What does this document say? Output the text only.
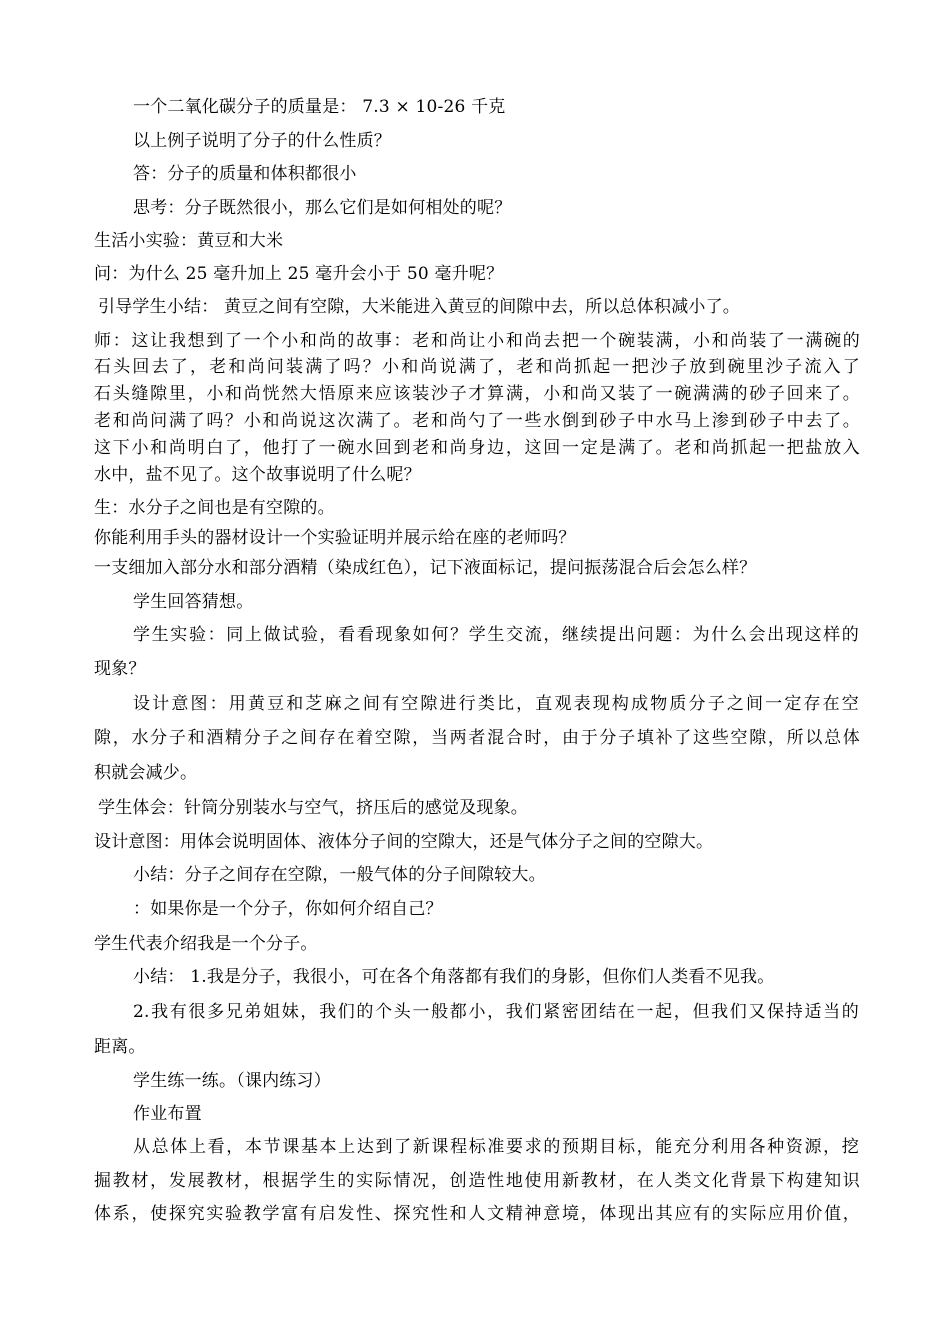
一个二氧化碳分子的质量是： 7.3 × 10-26 千克
以上例子说明了分子的什么性质？
答：分子的质量和体积都很小
思考：分子既然很小，那么它们是如何相处的呢？
生活小实验：黄豆和大米
问：为什么 25 毫升加上 25 毫升会小于 50 毫升呢？
引导学生小结： 黄豆之间有空隙，大米能进入黄豆的间隙中去，所以总体积减小了。
师：这让我想到了一个小和尚的故事：老和尚让小和尚去把一个碗装满，小和尚装了一满碗的
石头回去了，老和尚问装满了吗？小和尚说满了，老和尚抓起一把沙子放到碗里沙子流入了
石头缝隙里，小和尚恍然大悟原来应该装沙子才算满，小和尚又装了一碗满满的砂子回来了。
老和尚问满了吗？小和尚说这次满了。老和尚勺了一些水倒到砂子中水马上渗到砂子中去了。
这下小和尚明白了，他打了一碗水回到老和尚身边，这回一定是满了。老和尚抓起一把盐放入
水中，盐不见了。这个故事说明了什么呢？
生：水分子之间也是有空隙的。
你能利用手头的器材设计一个实验证明并展示给在座的老师吗？
一支细加入部分水和部分酒精（染成红色），记下液面标记，提问振荡混合后会怎么样？
学生回答猜想。
学生实验：同上做试验，看看现象如何？学生交流，继续提出问题：为什么会出现这样的
现象？
设计意图：用黄豆和芝麻之间有空隙进行类比，直观表现构成物质分子之间一定存在空
隙，水分子和酒精分子之间存在着空隙，当两者混合时，由于分子填补了这些空隙，所以总体
积就会减少。
学生体会：针筒分别装水与空气，挤压后的感觉及现象。
设计意图：用体会说明固体、液体分子间的空隙大，还是气体分子之间的空隙大。
小结：分子之间存在空隙，一般气体的分子间隙较大。
：如果你是一个分子，你如何介绍自己？
学生代表介绍我是一个分子。
小结： 1.我是分子，我很小，可在各个角落都有我们的身影，但你们人类看不见我。
2.我有很多兄弟姐妹，我们的个头一般都小，我们紧密团结在一起，但我们又保持适当的
距离。
学生练一练。（课内练习）
作业布置
从总体上看，本节课基本上达到了新课程标准要求的预期目标，能充分利用各种资源，挖
掘教材，发展教材，根据学生的实际情况，创造性地使用新教材，在人类文化背景下构建知识
体系，使探究实验教学富有启发性、探究性和人文精神意境，体现出其应有的实际应用价值，
